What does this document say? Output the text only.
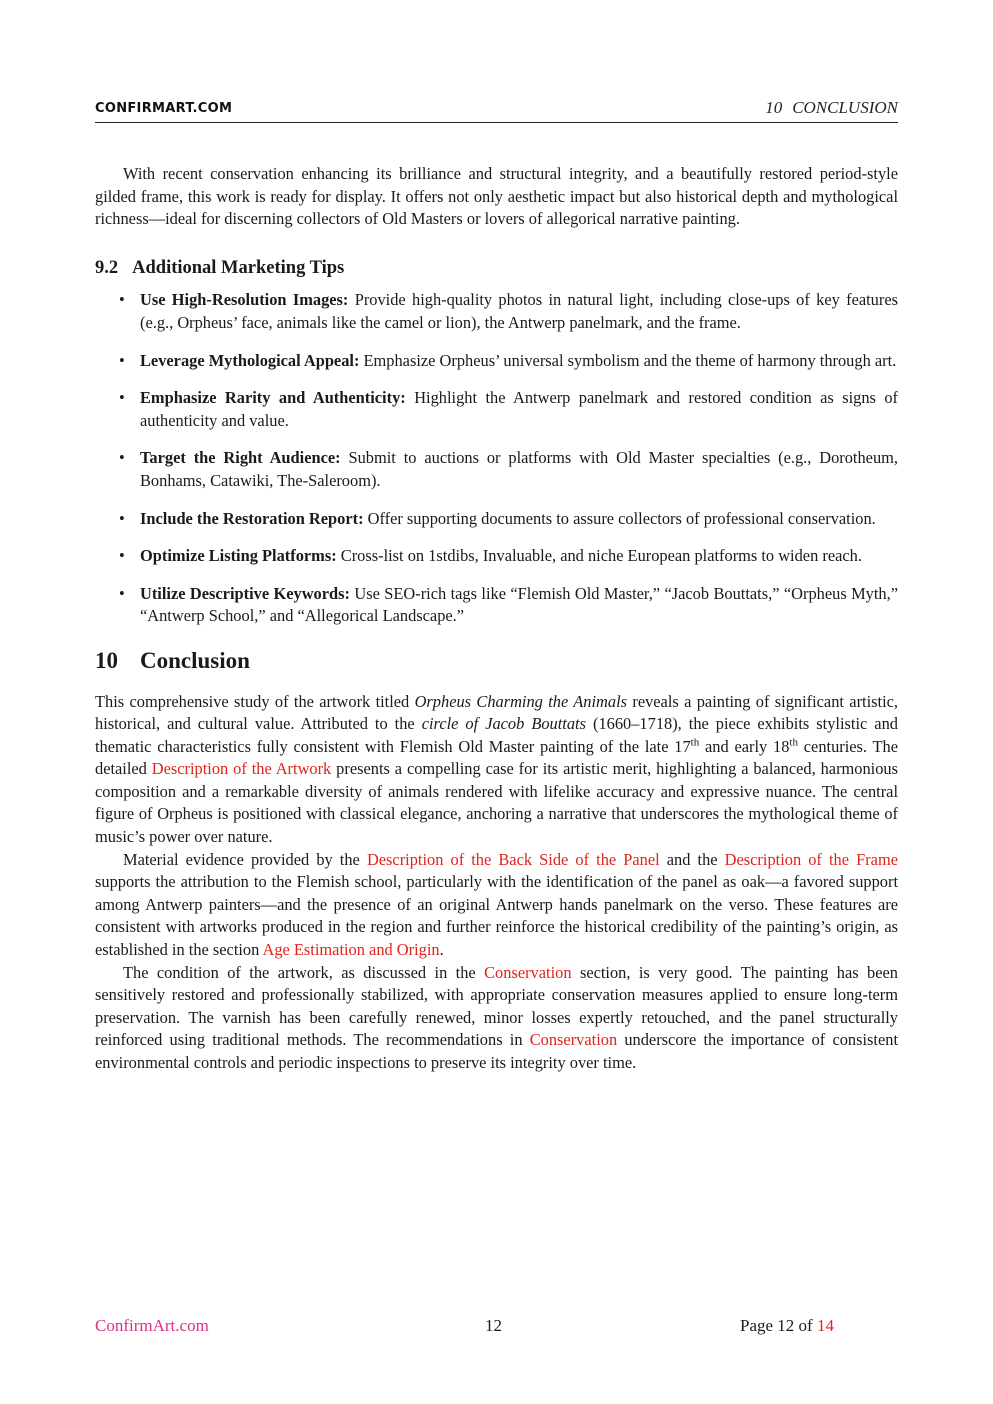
CONFIRMART.COM	10 CONCLUSION

With recent conservation enhancing its brilliance and structural integrity, and a beautifully restored period-style gilded frame, this work is ready for display. It offers not only aesthetic impact but also historical depth and mythological richness—ideal for discerning collectors of Old Masters or lovers of allegorical narrative painting.

9.2 Additional Marketing Tips
• Use High-Resolution Images: Provide high-quality photos in natural light, including close-ups of key features (e.g., Orpheus’ face, animals like the camel or lion), the Antwerp panelmark, and the frame.
• Leverage Mythological Appeal: Emphasize Orpheus’ universal symbolism and the theme of harmony through art.
• Emphasize Rarity and Authenticity: Highlight the Antwerp panelmark and restored condition as signs of authenticity and value.
• Target the Right Audience: Submit to auctions or platforms with Old Master specialties (e.g., Dorotheum, Bonhams, Catawiki, The-Saleroom).
• Include the Restoration Report: Offer supporting documents to assure collectors of professional conservation.
• Optimize Listing Platforms: Cross-list on 1stdibs, Invaluable, and niche European platforms to widen reach.
• Utilize Descriptive Keywords: Use SEO-rich tags like “Flemish Old Master,” “Jacob Bouttats,” “Orpheus Myth,” “Antwerp School,” and “Allegorical Landscape.”
10 Conclusion

This comprehensive study of the artwork titled Orpheus Charming the Animals reveals a painting of significant artistic, historical, and cultural value. Attributed to the circle of Jacob Bouttats (1660–1718), the piece exhibits stylistic and thematic characteristics fully consistent with Flemish Old Master painting of the late 17th and early 18th centuries. The detailed Description of the Artwork presents a compelling case for its artistic merit, highlighting a balanced, harmonious composition and a remarkable diversity of animals rendered with lifelike accuracy and expressive nuance. The central figure of Orpheus is positioned with classical elegance, anchoring a narrative that underscores the mythological theme of music’s power over nature.

Material evidence provided by the Description of the Back Side of the Panel and the Description of the Frame supports the attribution to the Flemish school, particularly with the identification of the panel as oak—a favored support among Antwerp painters—and the presence of an original Antwerp hands panelmark on the verso. These features are consistent with artworks produced in the region and further reinforce the historical credibility of the painting’s origin, as established in the section Age Estimation and Origin.

The condition of the artwork, as discussed in the Conservation section, is very good. The painting has been sensitively restored and professionally stabilized, with appropriate conservation measures applied to ensure long-term preservation. The varnish has been carefully renewed, minor losses expertly retouched, and the panel structurally reinforced using traditional methods. The recommendations in Conservation underscore the importance of consistent environmental controls and periodic inspections to preserve its integrity over time.

ConfirmArt.com	12	Page 12 of 14
